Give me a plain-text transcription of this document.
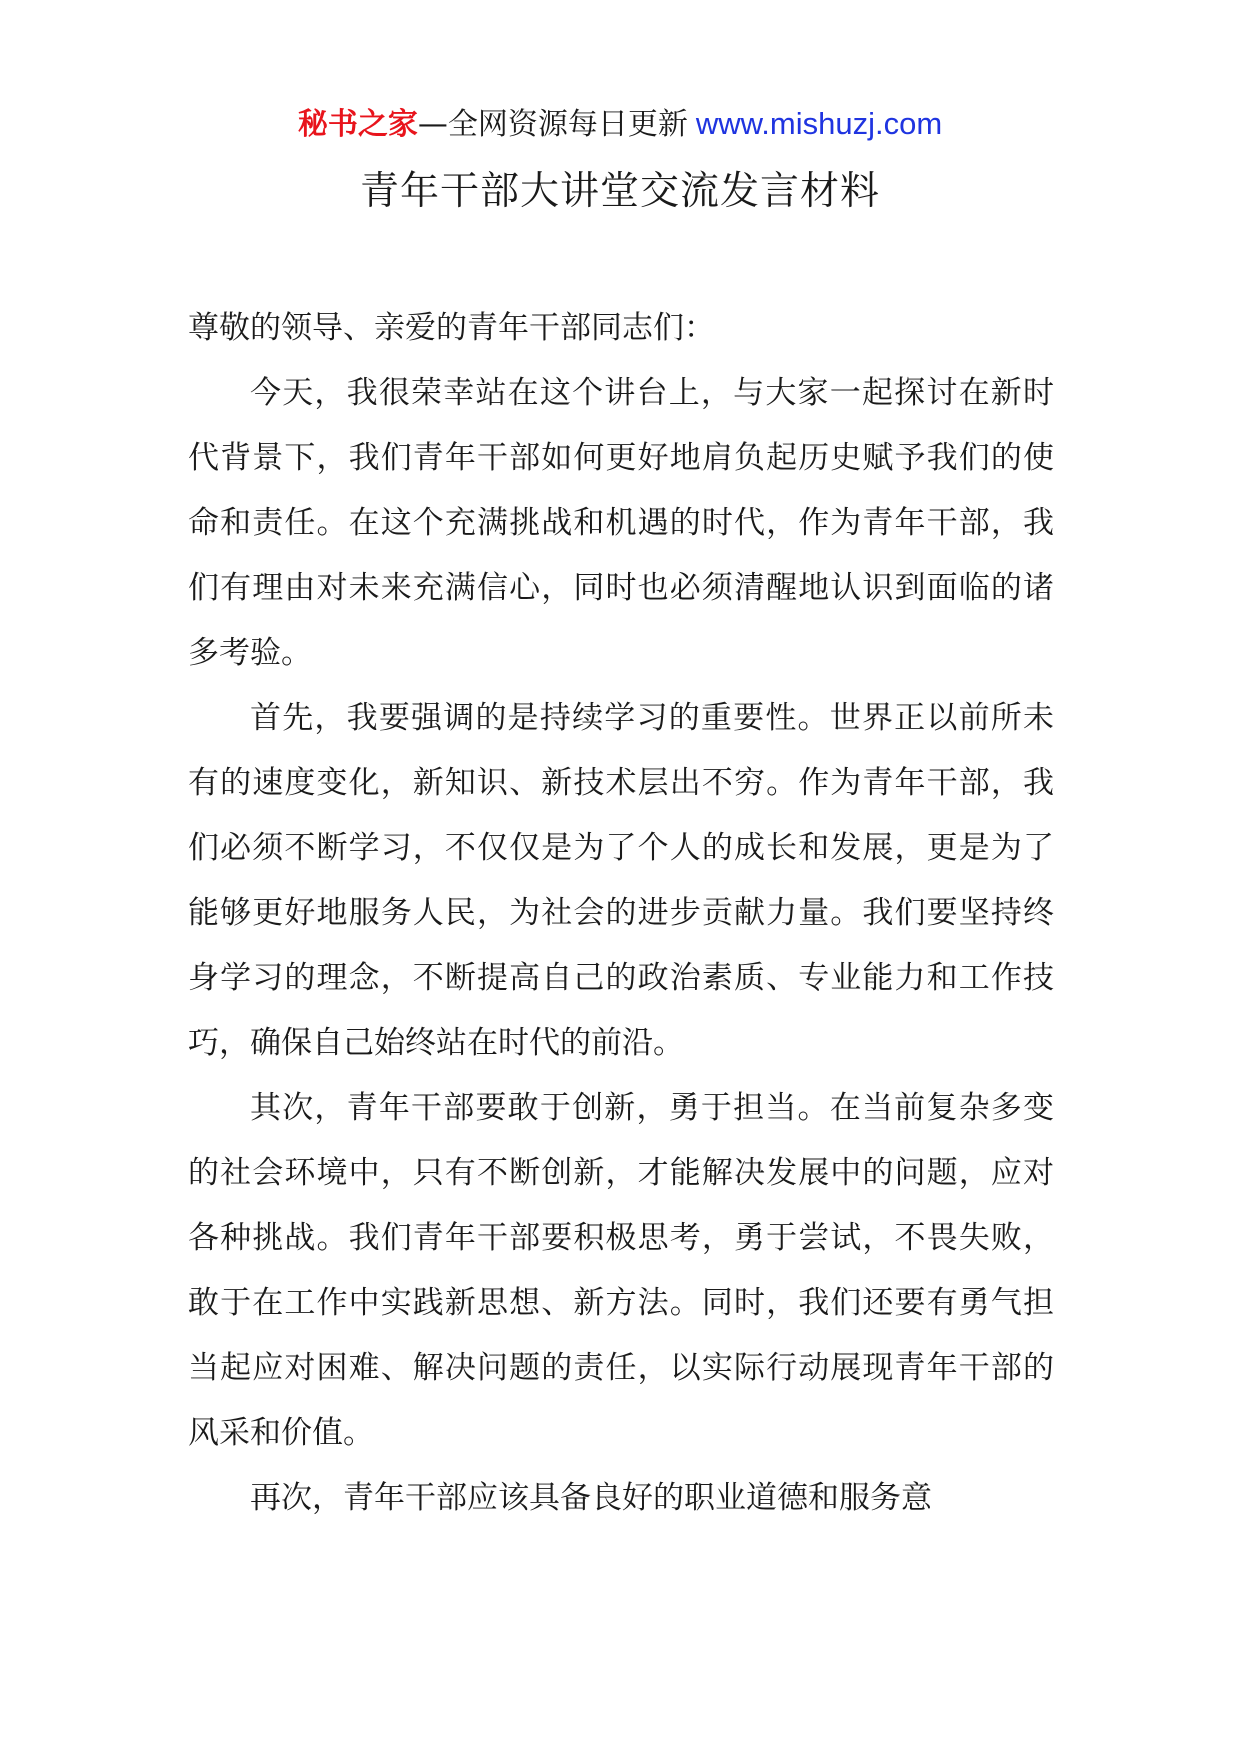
秘书之家—全网资源每日更新 www.mishuzj.com
青年干部大讲堂交流发言材料

尊敬的领导、亲爱的青年干部同志们：

今天，我很荣幸站在这个讲台上，与大家一起探讨在新时代背景下，我们青年干部如何更好地肩负起历史赋予我们的使命和责任。在这个充满挑战和机遇的时代，作为青年干部，我们有理由对未来充满信心，同时也必须清醒地认识到面临的诸多考验。

首先，我要强调的是持续学习的重要性。世界正以前所未有的速度变化，新知识、新技术层出不穷。作为青年干部，我们必须不断学习，不仅仅是为了个人的成长和发展，更是为了能够更好地服务人民，为社会的进步贡献力量。我们要坚持终身学习的理念，不断提高自己的政治素质、专业能力和工作技巧，确保自己始终站在时代的前沿。

其次，青年干部要敢于创新，勇于担当。在当前复杂多变的社会环境中，只有不断创新，才能解决发展中的问题，应对各种挑战。我们青年干部要积极思考，勇于尝试，不畏失败，敢于在工作中实践新思想、新方法。同时，我们还要有勇气担当起应对困难、解决问题的责任，以实际行动展现青年干部的风采和价值。

再次，青年干部应该具备良好的职业道德和服务意
